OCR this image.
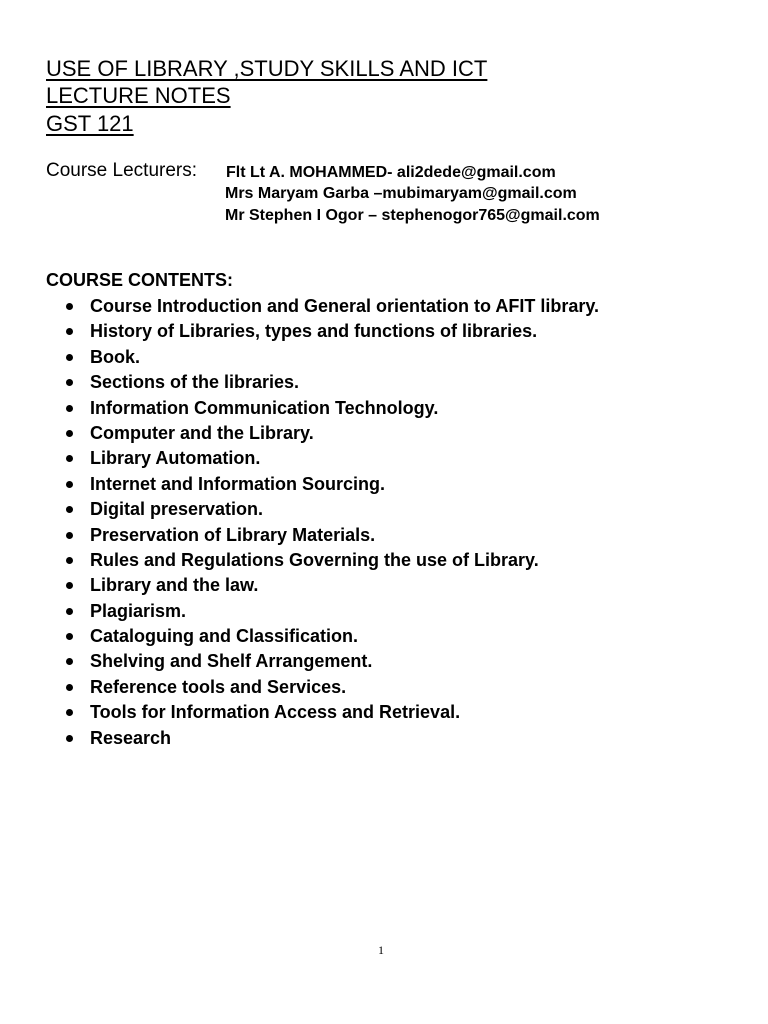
USE OF LIBRARY ,STUDY SKILLS AND ICT
LECTURE NOTES
GST 121
Course Lecturers: Flt Lt A. MOHAMMED- ali2dede@gmail.com
Mrs Maryam Garba –mubimaryam@gmail.com
Mr Stephen I Ogor – stephenogor765@gmail.com
COURSE CONTENTS:
Course Introduction and General orientation to AFIT library.
History of Libraries, types and functions of libraries.
Book.
Sections of the libraries.
Information Communication Technology.
Computer and the Library.
Library Automation.
Internet and Information Sourcing.
Digital preservation.
Preservation of Library Materials.
Rules and Regulations Governing the use of Library.
Library and the law.
Plagiarism.
Cataloguing and Classification.
Shelving and Shelf Arrangement.
Reference tools and Services.
Tools for Information Access and Retrieval.
Research
1
